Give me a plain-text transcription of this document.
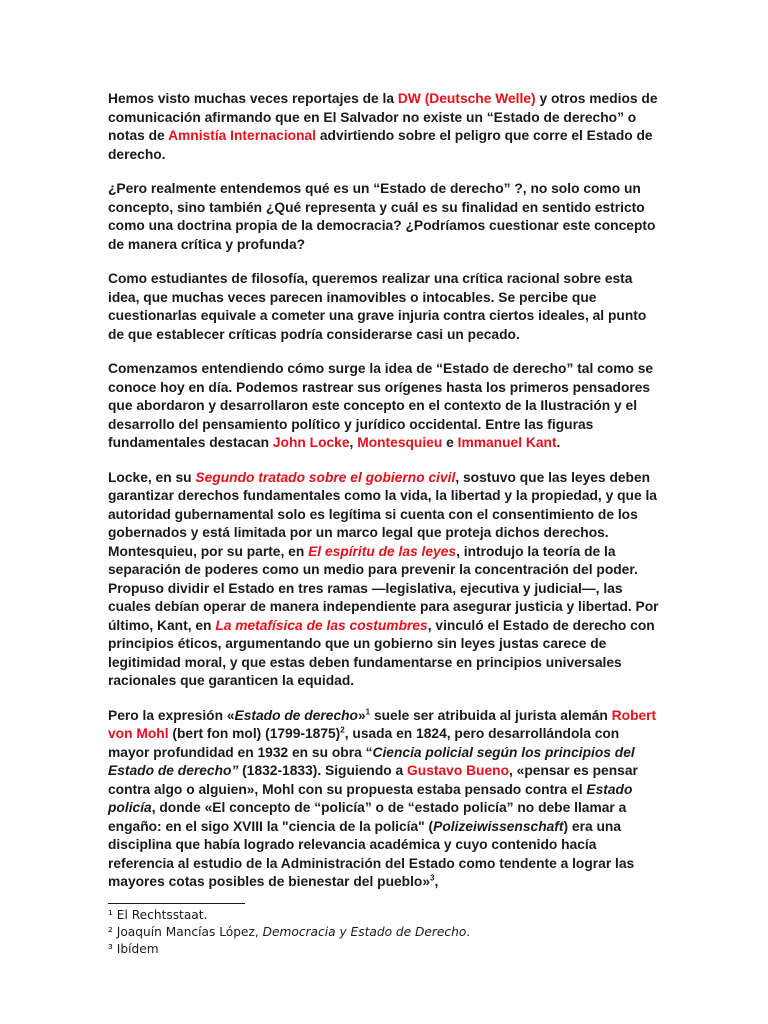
Hemos visto muchas veces reportajes de la DW (Deutsche Welle) y otros medios de comunicación afirmando que en El Salvador no existe un “Estado de derecho” o notas de Amnistía Internacional advirtiendo sobre el peligro que corre el Estado de derecho.

¿Pero realmente entendemos qué es un “Estado de derecho” ?, no solo como un concepto, sino también ¿Qué representa y cuál es su finalidad en sentido estricto como una doctrina propia de la democracia? ¿Podríamos cuestionar este concepto de manera crítica y profunda?

Como estudiantes de filosofía, queremos realizar una crítica racional sobre esta idea, que muchas veces parecen inamovibles o intocables. Se percibe que cuestionarlas equivale a cometer una grave injuria contra ciertos ideales, al punto de que establecer críticas podría considerarse casi un pecado.

Comenzamos entendiendo cómo surge la idea de “Estado de derecho” tal como se conoce hoy en día. Podemos rastrear sus orígenes hasta los primeros pensadores que abordaron y desarrollaron este concepto en el contexto de la Ilustración y el desarrollo del pensamiento político y jurídico occidental. Entre las figuras fundamentales destacan John Locke, Montesquieu e Immanuel Kant.

Locke, en su Segundo tratado sobre el gobierno civil, sostuvo que las leyes deben garantizar derechos fundamentales como la vida, la libertad y la propiedad, y que la autoridad gubernamental solo es legítima si cuenta con el consentimiento de los gobernados y está limitada por un marco legal que proteja dichos derechos. Montesquieu, por su parte, en El espíritu de las leyes, introdujo la teoría de la separación de poderes como un medio para prevenir la concentración del poder. Propuso dividir el Estado en tres ramas —legislativa, ejecutiva y judicial—, las cuales debían operar de manera independiente para asegurar justicia y libertad. Por último, Kant, en La metafísica de las costumbres, vinculó el Estado de derecho con principios éticos, argumentando que un gobierno sin leyes justas carece de legitimidad moral, y que estas deben fundamentarse en principios universales racionales que garanticen la equidad.

Pero la expresión «Estado de derecho»$^1$ suele ser atribuida al jurista alemán Robert von Mohl (bert fon mol) (1799-1875)$^2$, usada en 1824, pero desarrollándola con mayor profundidad en 1932 en su obra “Ciencia policial según los principios del Estado de derecho” (1832-1833). Siguiendo a Gustavo Bueno, «pensar es pensar contra algo o alguien», Mohl con su propuesta estaba pensado contra el Estado policía, donde «El concepto de “policía” o de “estado policía” no debe llamar a engaño: en el sigo XVIII la "ciencia de la policía" (Polizeiwissenschaft) era una disciplina que había logrado relevancia académica y cuyo contenido hacía referencia al estudio de la Administración del Estado como tendente a lograr las mayores cotas posibles de bienestar del pueblo»$^3$,

¹ El Rechtsstaat.

² Joaquín Mancías López, Democracia y Estado de Derecho.

³ Ibídem
